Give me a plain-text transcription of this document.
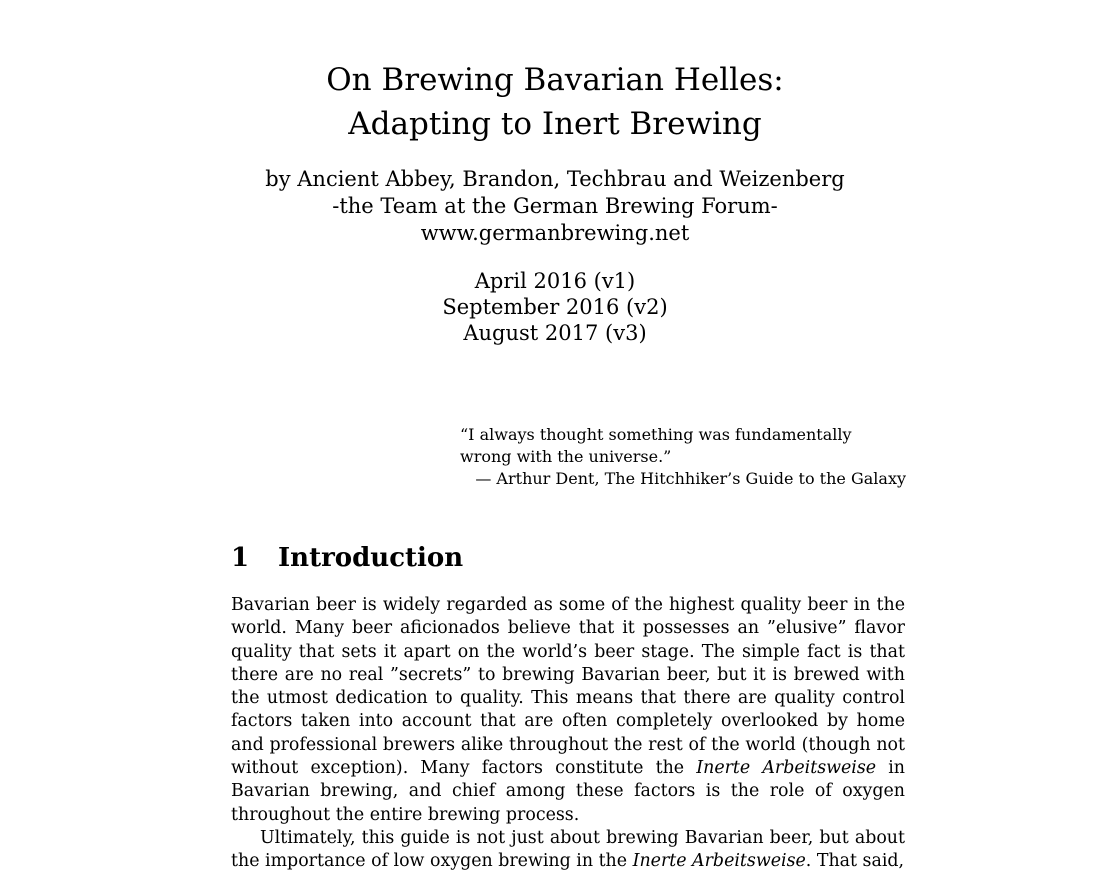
On Brewing Bavarian Helles:
Adapting to Inert Brewing
by Ancient Abbey, Brandon, Techbrau and Weizenberg
-the Team at the German Brewing Forum-
www.germanbrewing.net
April 2016 (v1)
September 2016 (v2)
August 2017 (v3)
“I always thought something was fundamentally wrong with the universe.”
— Arthur Dent, The Hitchhiker’s Guide to the Galaxy
1 Introduction

Bavarian beer is widely regarded as some of the highest quality beer in the world. Many beer aficionados believe that it possesses an ”elusive” flavor quality that sets it apart on the world’s beer stage. The simple fact is that there are no real ”secrets” to brewing Bavarian beer, but it is brewed with the utmost dedication to quality. This means that there are quality control factors taken into account that are often completely overlooked by home and professional brewers alike throughout the rest of the world (though not without exception). Many factors constitute the Inerte Arbeitsweise in Bavarian brewing, and chief among these factors is the role of oxygen throughout the entire brewing process.

Ultimately, this guide is not just about brewing Bavarian beer, but about the importance of low oxygen brewing in the Inerte Arbeitsweise. That said,
